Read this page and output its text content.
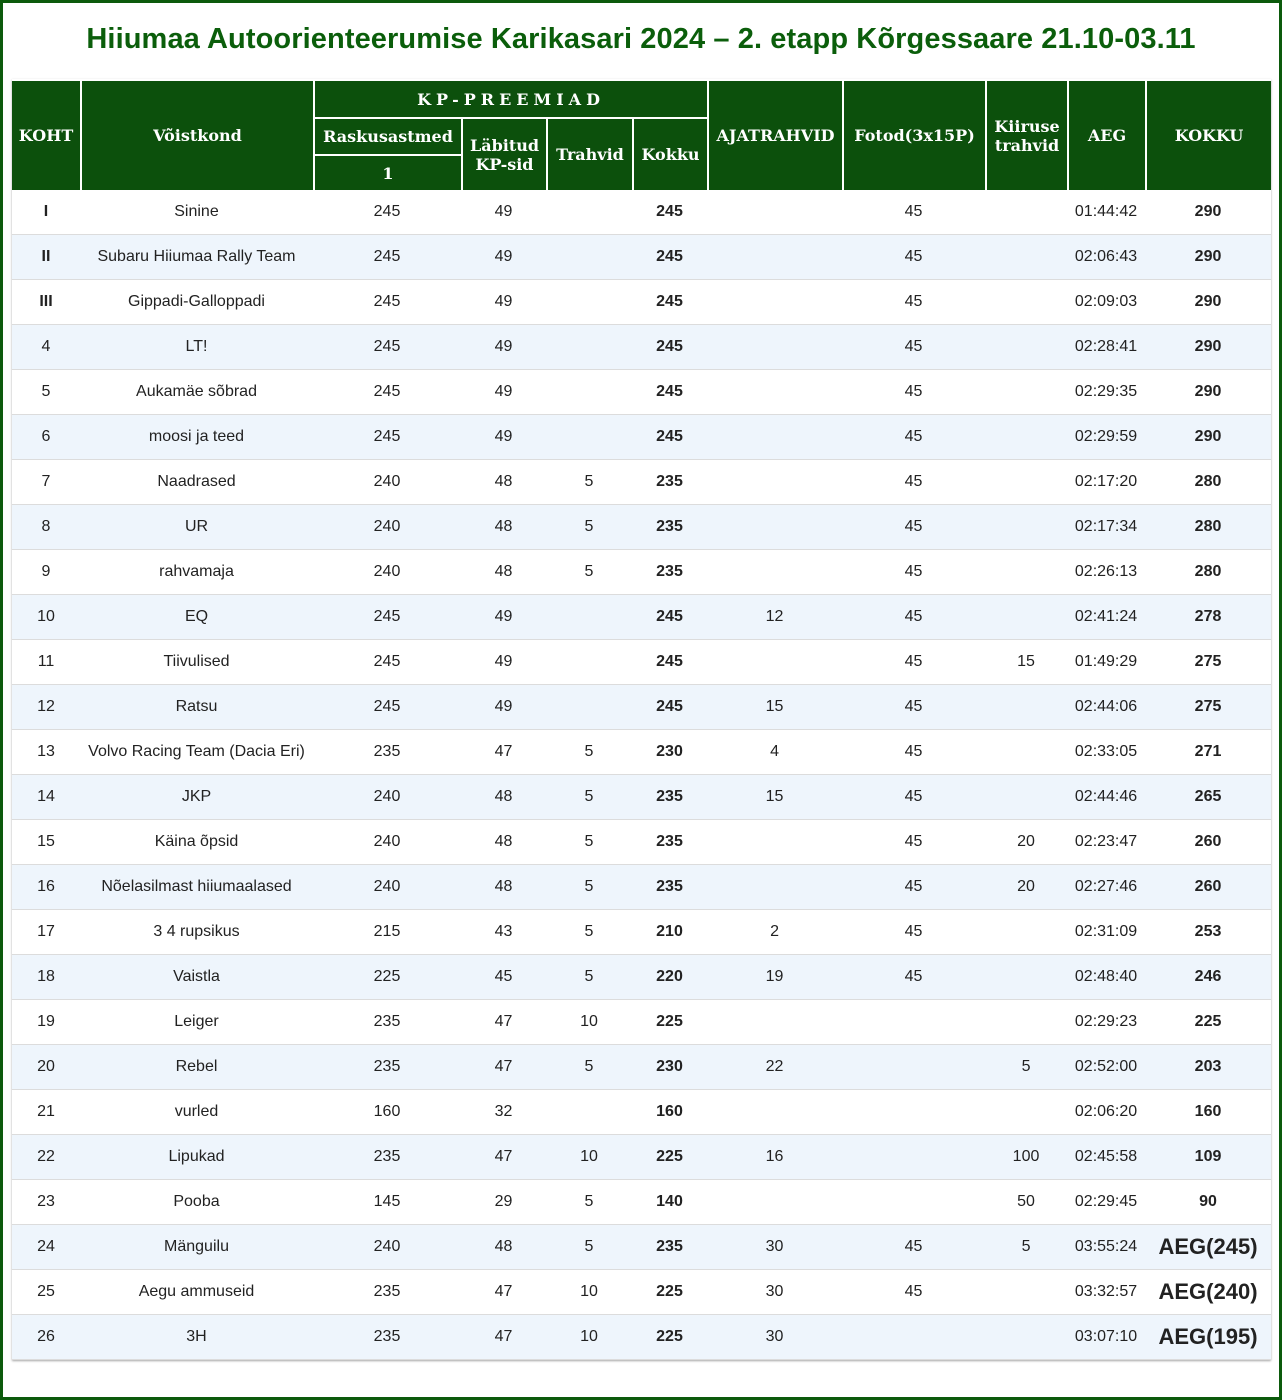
Hiiumaa Autoorienteerumise Karikasari 2024 – 2. etapp Kõrgessaare 21.10-03.11
KOHT	Võistkond	KP-PREEMIAD				AJATRAHVID	Fotod(3x15P)	Kiiruse
trahvid	AEG	KOKKU
		Raskusastmed	Läbitud
KP-sid	Trahvid	Kokku					
		1								
I	Sinine	245	49		245		45		01:44:42	290
II	Subaru Hiiumaa Rally Team	245	49		245		45		02:06:43	290
III	Gippadi-Galloppadi	245	49		245		45		02:09:03	290
4	LT!	245	49		245		45		02:28:41	290
5	Aukamäe sõbrad	245	49		245		45		02:29:35	290
6	moosi ja teed	245	49		245		45		02:29:59	290
7	Naadrased	240	48	5	235		45		02:17:20	280
8	UR	240	48	5	235		45		02:17:34	280
9	rahvamaja	240	48	5	235		45		02:26:13	280
10	EQ	245	49		245	12	45		02:41:24	278
11	Tiivulised	245	49		245		45	15	01:49:29	275
12	Ratsu	245	49		245	15	45		02:44:06	275
13	Volvo Racing Team (Dacia Eri)	235	47	5	230	4	45		02:33:05	271
14	JKP	240	48	5	235	15	45		02:44:46	265
15	Käina õpsid	240	48	5	235		45	20	02:23:47	260
16	Nõelasilmast hiiumaalased	240	48	5	235		45	20	02:27:46	260
17	3 4 rupsikus	215	43	5	210	2	45		02:31:09	253
18	Vaistla	225	45	5	220	19	45		02:48:40	246
19	Leiger	235	47	10	225				02:29:23	225
20	Rebel	235	47	5	230	22		5	02:52:00	203
21	vurled	160	32		160				02:06:20	160
22	Lipukad	235	47	10	225	16		100	02:45:58	109
23	Pooba	145	29	5	140			50	02:29:45	90
24	Mänguilu	240	48	5	235	30	45	5	03:55:24	AEG(245)
25	Aegu ammuseid	235	47	10	225	30	45		03:32:57	AEG(240)
26	3H	235	47	10	225	30			03:07:10	AEG(195)
